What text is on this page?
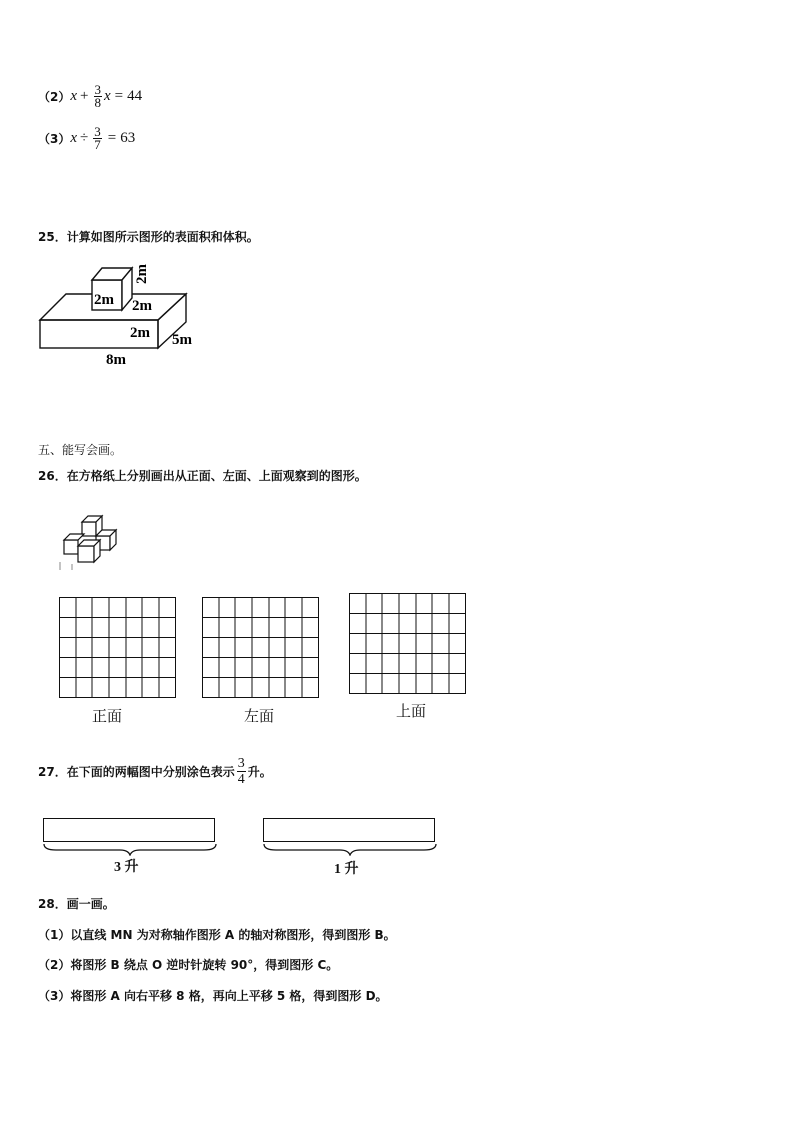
（2） $x + \frac{3}{8}$ x = 44
（3） $x \div \frac{3}{7} = 63$
25．计算如图所示图形的表面积和体积。
2m
2m
2m
2m 5m
8m
五、能写会画。
26．在方格纸上分别画出从正面、左面、上面观察到的图形。
正面	左面	上面
27．在下面的两幅图中分别涂色表示 $\frac{3}{4}$ 升。
3 升	1 升
28．画一画。
（1）以直线 MN 为对称轴作图形 A 的轴对称图形，得到图形 B。
（2）将图形 B 绕点 O 逆时针旋转 90°，得到图形 C。
（3）将图形 A 向右平移 8 格，再向上平移 5 格，得到图形 D。
